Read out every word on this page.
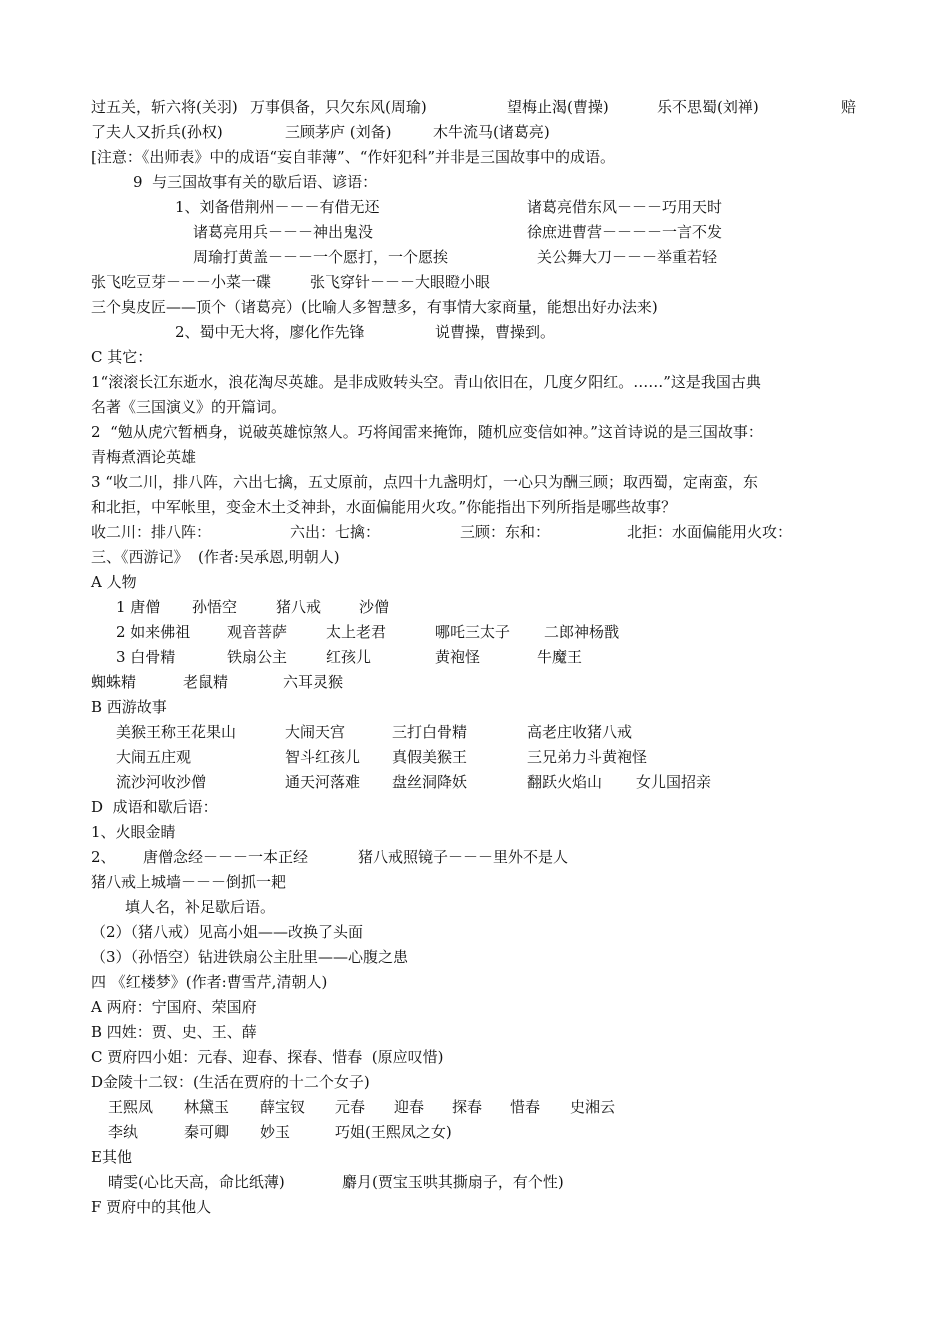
过五关，斩六将(关羽) 万事俱备，只欠东风(周瑜)	望梅止渴(曹操)	乐不思蜀(刘禅)	赔
了夫人又折兵(孙权)	三顾茅庐 (刘备)	木牛流马(诸葛亮)
[注意：《出师表》中的成语“妄自菲薄”、“作奸犯科”并非是三国故事中的成语。
9  与三国故事有关的歇后语、谚语：
1、刘备借荆州－－－有借无还	诸葛亮借东风－－－巧用天时
诸葛亮用兵－－－神出鬼没	徐庶进曹营－－－－一言不发
周瑜打黄盖－－－一个愿打，一个愿挨	关公舞大刀－－－举重若轻
张飞吃豆芽－－－小菜一碟	张飞穿针－－－大眼瞪小眼
三个臭皮匠——顶个（诸葛亮）(比喻人多智慧多，有事情大家商量，能想出好办法来)
2、蜀中无大将，廖化作先锋	说曹操，曹操到。
C 其它：
1“滚滚长江东逝水，浪花淘尽英雄。是非成败转头空。青山依旧在，几度夕阳红。……”这是我国古典
名著《三国演义》的开篇词。
2  “勉从虎穴暂栖身，说破英雄惊煞人。巧将闻雷来掩饰，随机应变信如神。”这首诗说的是三国故事：
青梅煮酒论英雄
3 “收二川，排八阵，六出七擒，五丈原前，点四十九盏明灯，一心只为酬三顾；取西蜀，定南蛮，东
和北拒，中军帐里，变金木土爻神卦，水面偏能用火攻。”你能指出下列所指是哪些故事？
收二川：排八阵：	六出：七擒：	三顾：东和：	北拒：水面偏能用火攻：
三、《西游记》  (作者:吴承恩,明朝人)
A 人物
1 唐僧 孙悟空	猪八戒	沙僧
2 如来佛祖 观音菩萨	太上老君	哪吒三太子 二郎神杨戬
3 白骨精	铁扇公主	红孩儿	黄袍怪	牛魔王
蜘蛛精	老鼠精	六耳灵猴
B 西游故事
美猴王称王花果山	大闹天宫	三打白骨精	高老庄收猪八戒
大闹五庄观	智斗红孩儿 真假美猴王	三兄弟力斗黄袍怪
流沙河收沙僧	通天河落难 盘丝洞降妖	翻跃火焰山 女儿国招亲
D  成语和歇后语：
1、火眼金睛
2、 唐僧念经－－－一本正经	猪八戒照镜子－－－里外不是人
猪八戒上城墙－－－倒抓一耙
填人名，补足歇后语。
（2）（猪八戒）见高小姐——改换了头面
（3）（孙悟空）钻进铁扇公主肚里——心腹之患
四 《红楼梦》(作者:曹雪芹,清朝人)
A 两府：宁国府、荣国府
B 四姓：贾、史、王、薛
C 贾府四小姐：元春、迎春、探春、惜春  (原应叹惜)
D金陵十二钗：(生活在贾府的十二个女子)
王熙凤 林黛玉 薛宝钗 元春 迎春 探春 惜春 史湘云
李纨	秦可卿 妙玉	巧姐(王熙凤之女)
E其他
晴雯(心比天高，命比纸薄)	麝月(贾宝玉哄其撕扇子，有个性)
F 贾府中的其他人
